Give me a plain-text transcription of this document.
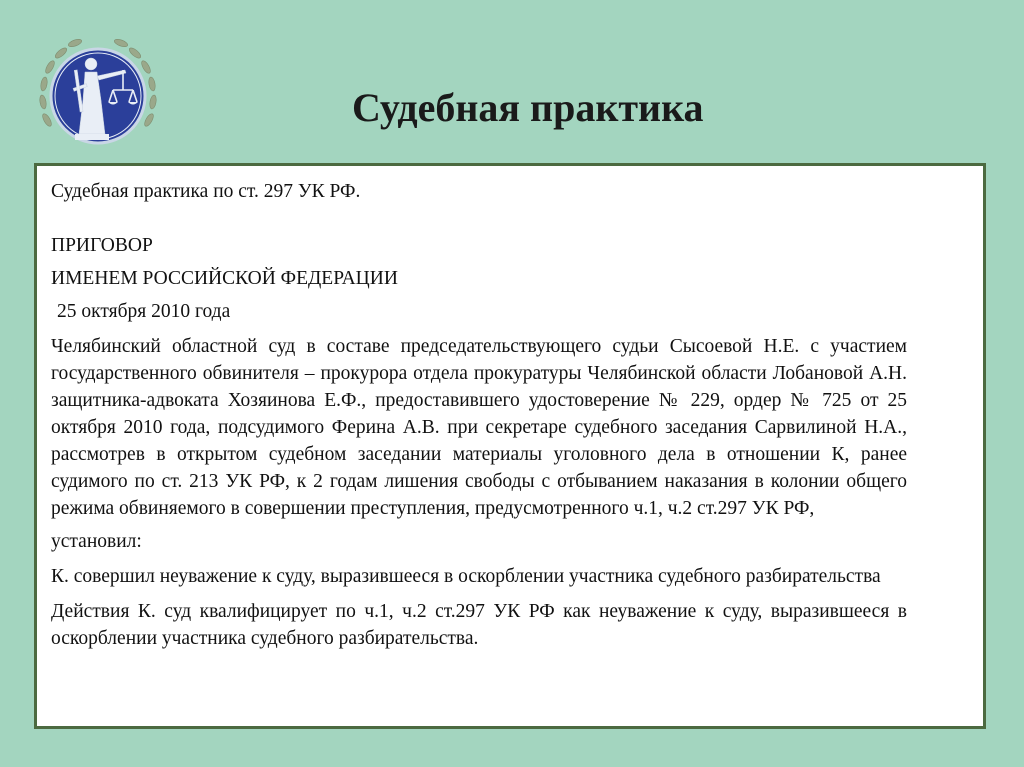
Судебная практика

Судебная практика по ст. 297 УК РФ.

ПРИГОВОР

ИМЕНЕМ РОССИЙСКОЙ ФЕДЕРАЦИИ

25 октября 2010 года

Челябинский областной суд в составе председательствующего судьи Сысоевой Н.Е. с участием государственного обвинителя – прокурора отдела прокуратуры Челябинской области Лобановой А.Н. защитника-адвоката Хозяинова Е.Ф., предоставившего удостоверение № 229, ордер № 725 от 25 октября 2010 года, подсудимого Ферина А.В. при секретаре судебного заседания Сарвилиной Н.А., рассмотрев в открытом судебном заседании материалы уголовного дела в отношении К, ранее судимого по ст. 213 УК РФ, к 2 годам лишения свободы с отбыванием наказания в колонии общего режима обвиняемого в совершении преступления, предусмотренного ч.1, ч.2 ст.297 УК РФ,

установил:

К. совершил неуважение к суду, выразившееся в оскорблении участника судебного разбирательства

Действия К. суд квалифицирует по ч.1, ч.2 ст.297 УК РФ как неуважение к суду, выразившееся в оскорблении участника судебного разбирательства.
